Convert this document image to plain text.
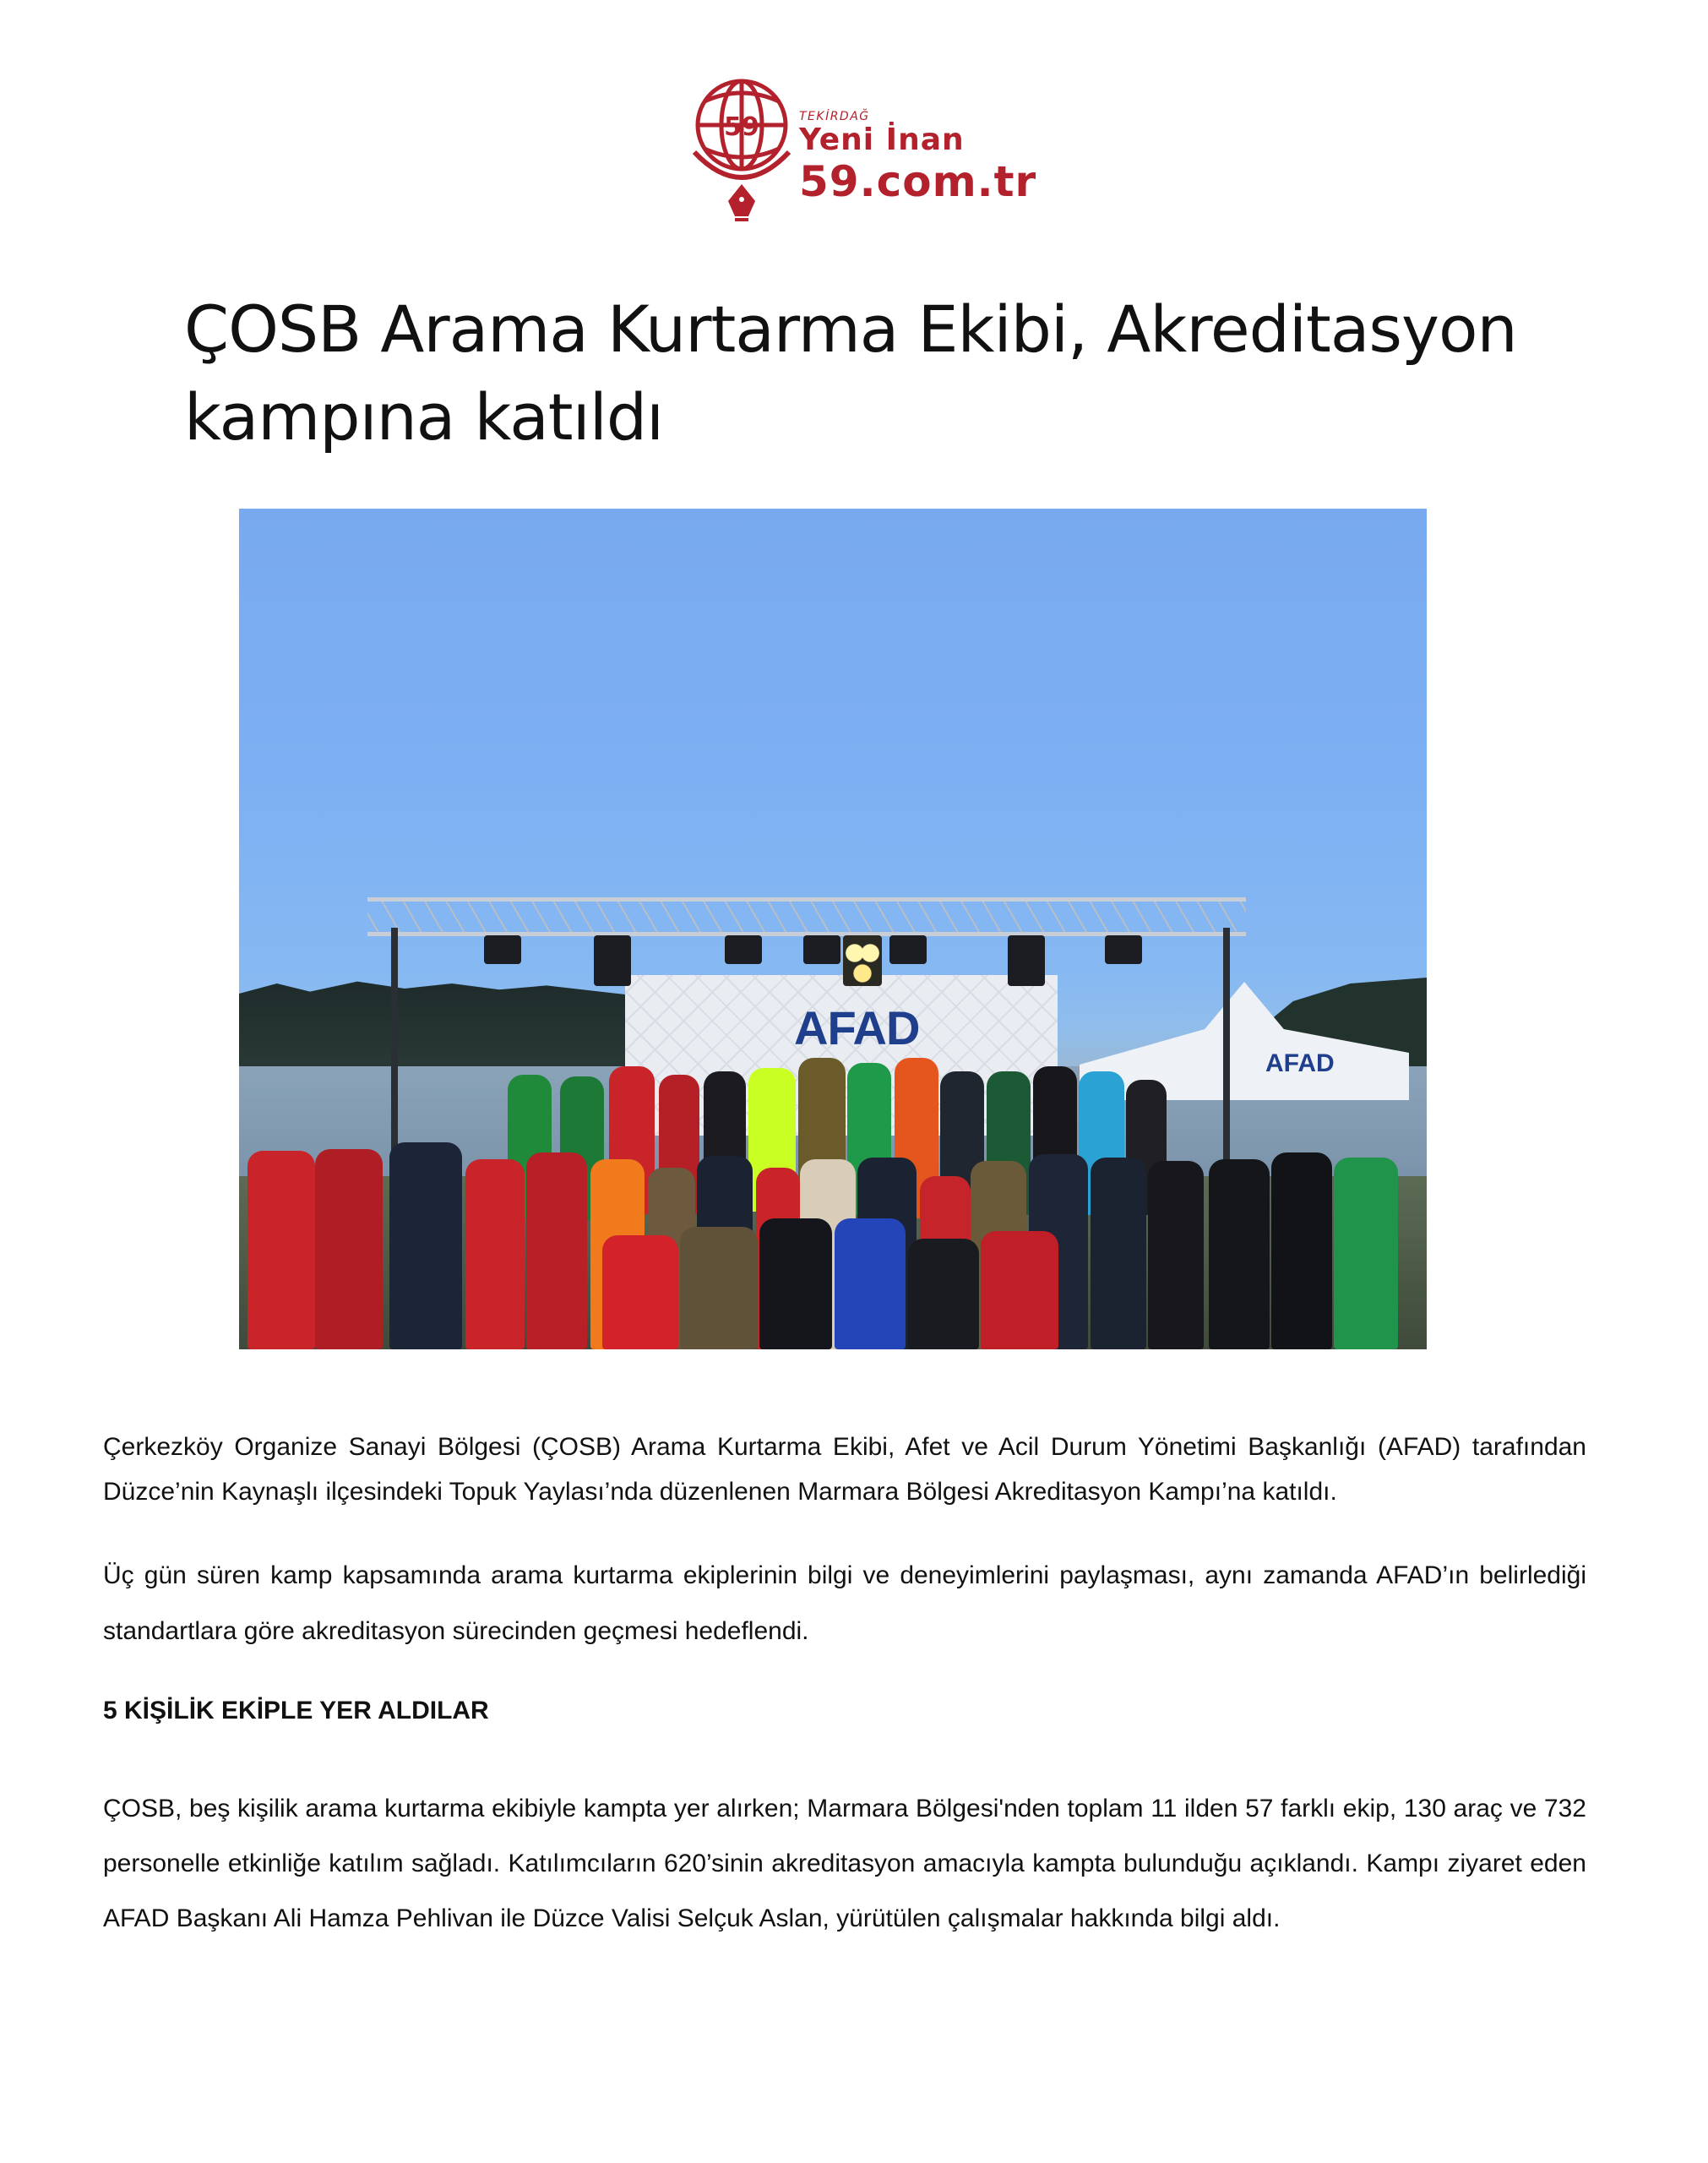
59	TEKİRDAĞ
Yeni İnan
59.com.tr
ÇOSB Arama Kurtarma Ekibi, Akreditasyon kampına katıldı
AFAD
AFAD

Çerkezköy Organize Sanayi Bölgesi (ÇOSB) Arama Kurtarma Ekibi, Afet ve Acil Durum Yönetimi Başkanlığı (AFAD) tarafından Düzce’nin Kaynaşlı ilçesindeki Topuk Yaylası’nda düzenlenen Marmara Bölgesi Akreditasyon Kampı’na katıldı.

Üç gün süren kamp kapsamında arama kurtarma ekiplerinin bilgi ve deneyimlerini paylaşması, aynı zamanda AFAD’ın belirlediği standartlara göre akreditasyon sürecinden geçmesi hedeflendi.

5 KİŞİLİK EKİPLE YER ALDILAR

ÇOSB, beş kişilik arama kurtarma ekibiyle kampta yer alırken; Marmara Bölgesi'nden toplam 11 ilden 57 farklı ekip, 130 araç ve 732 personelle etkinliğe katılım sağladı. Katılımcıların 620’sinin akreditasyon amacıyla kampta bulunduğu açıklandı. Kampı ziyaret eden AFAD Başkanı Ali Hamza Pehlivan ile Düzce Valisi Selçuk Aslan, yürütülen çalışmalar hakkında bilgi aldı.
